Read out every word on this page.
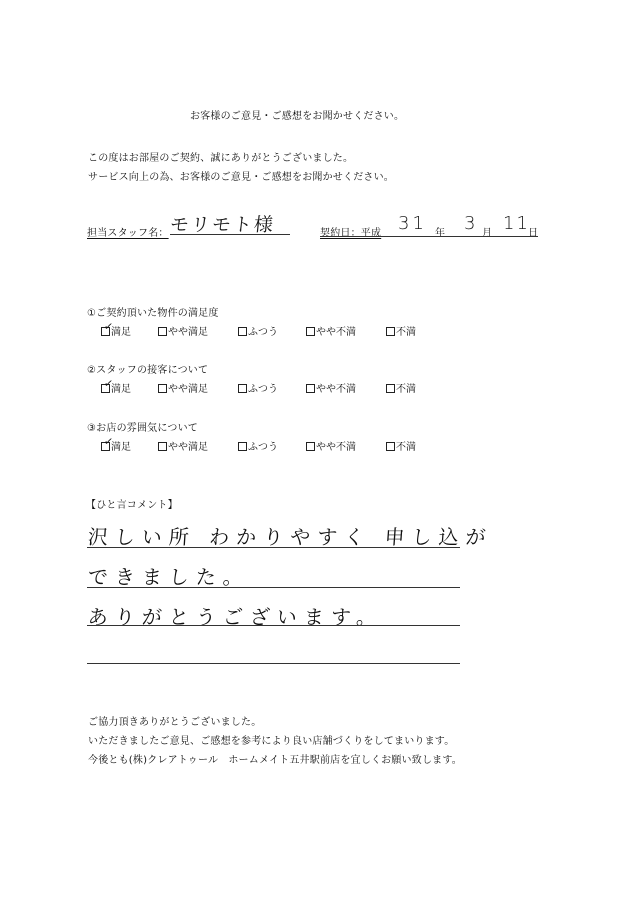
お客様のご意見・ご感想をお聞かせください。
この度はお部屋のご契約、誠にありがとうございました。
サービス向上の為、お客様のご意見・ご感想をお聞かせください。
担当スタッフ名： モリモト様	契約日：平成 31 年 3 月 11
日
①ご契約頂いた物件の満足度
✓
満足	やや満足	ふつう	やや不満	不満
②スタッフの接客について
✓
満足	やや満足	ふつう	やや不満	不満
③お店の雰囲気について
✓
満足	やや満足	ふつう	やや不満	不満
【ひと言コメント】
沢しい所 わかりやすく 申し込が
できました。
ありがとうございます。
ご協力頂きありがとうございました。
いただきましたご意見、ご感想を参考により良い店舗づくりをしてまいります。
今後とも(株)クレアトゥール　ホームメイト五井駅前店を宜しくお願い致します。
